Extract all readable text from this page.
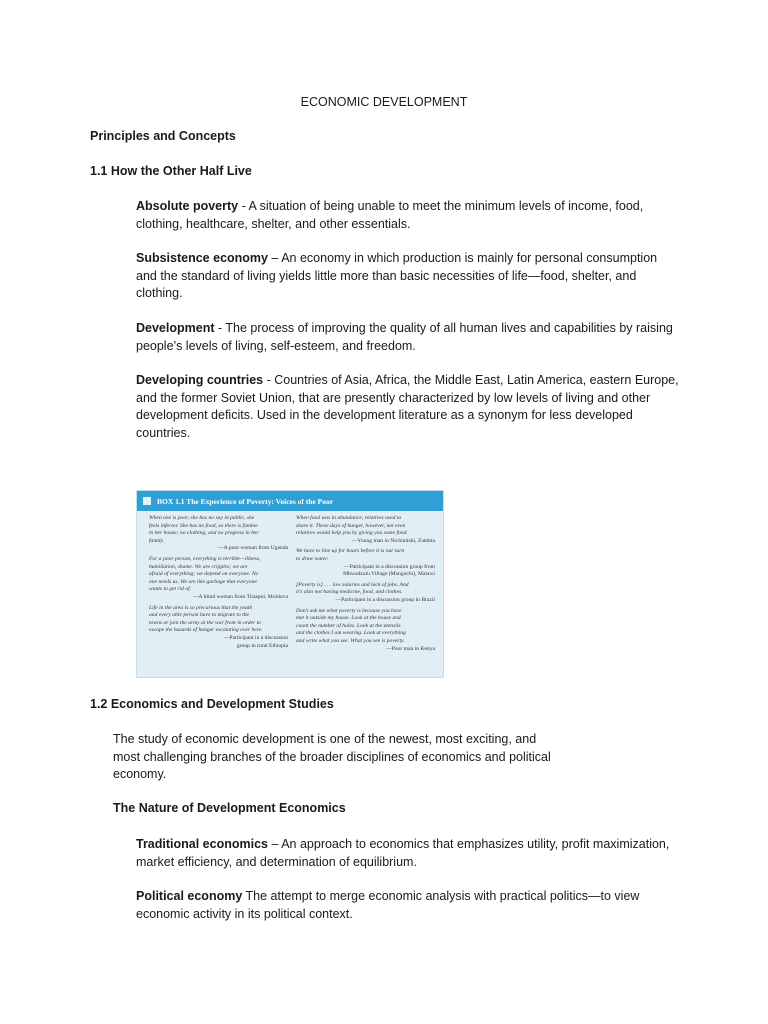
ECONOMIC DEVELOPMENT

Principles and Concepts

1.1 How the Other Half Live

Absolute poverty - A situation of being unable to meet the minimum levels of income, food,
clothing, healthcare, shelter, and other essentials.
Subsistence economy – An economy in which production is mainly for personal consumption
and the standard of living yields little more than basic necessities of life—food, shelter, and
clothing.
Development - The process of improving the quality of all human lives and capabilities by raising
people’s levels of living, self-esteem, and freedom.
Developing countries - Countries of Asia, Africa, the Middle East, Latin America, eastern Europe,
and the former Soviet Union, that are presently characterized by low levels of living and other
development deficits. Used in the development literature as a synonym for less developed
countries.
BOX 1.1 The Experience of Poverty: Voices of the Poor

When one is poor, she has no say in public, she
feels inferior. She has no food, so there is famine
in her house; no clothing, and no progress in her
family.

—A poor woman from Uganda

For a poor person, everything is terrible—illness,
humiliation, shame. We are cripples; we are
afraid of everything; we depend on everyone. No
one needs us. We are like garbage that everyone
wants to get rid of.

—A blind woman from Tiraspol, Moldova

Life in the area is so precarious that the youth
and every able person have to migrate to the
towns or join the army at the war front in order to
escape the hazards of hunger escalating over here.

—Participant in a discussion
group in rural Ethiopia

When food was in abundance, relatives used to
share it. These days of hunger, however, not even
relatives would help you by giving you some food.

—Young man in Nichimishi, Zambia

We have to line up for hours before it is our turn
to draw water.

—Participant in a discussion group from
Mbwadzulu Village (Mangochi), Malawi

[Poverty is] . . . low salaries and lack of jobs. And
it's also not having medicine, food, and clothes.

—Participant in a discussion group in Brazil

Don't ask me what poverty is because you have
met it outside my house. Look at the house and
count the number of holes. Look at the utensils
and the clothes I am wearing. Look at everything
and write what you see. What you see is poverty.

—Poor man in Kenya

1.2 Economics and Development Studies

The study of economic development is one of the newest, most exciting, and
most challenging branches of the broader disciplines of economics and political
economy.

The Nature of Development Economics

Traditional economics – An approach to economics that emphasizes utility, profit maximization,
market efficiency, and determination of equilibrium.
Political economy The attempt to merge economic analysis with practical politics—to view
economic activity in its political context.
